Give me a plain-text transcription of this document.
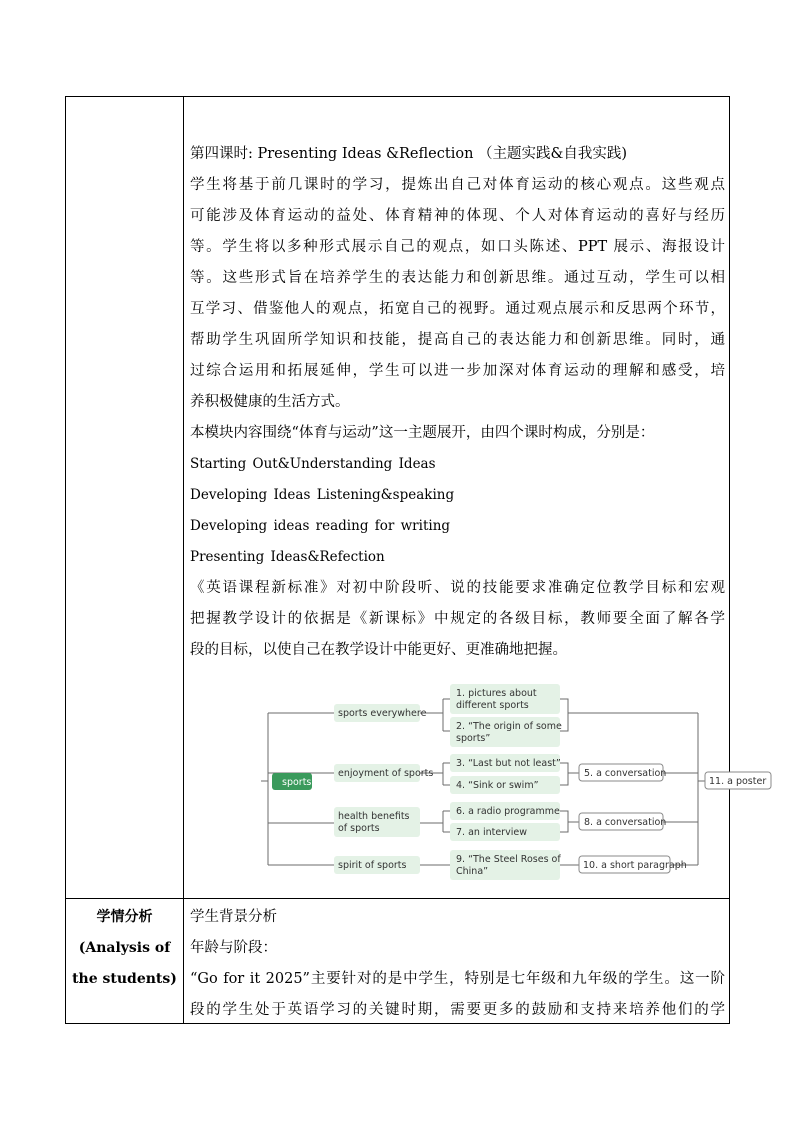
第四课时: Presenting Ideas &Reflection （主题实践&自我实践)
学生将基于前几课时的学习，提炼出自己对体育运动的核心观点。这些观点
可能涉及体育运动的益处、体育精神的体现、个人对体育运动的喜好与经历
等。学生将以多种形式展示自己的观点，如口头陈述、PPT 展示、海报设计
等。这些形式旨在培养学生的表达能力和创新思维。通过互动，学生可以相
互学习、借鉴他人的观点，拓宽自己的视野。通过观点展示和反思两个环节，
帮助学生巩固所学知识和技能，提高自己的表达能力和创新思维。同时，通
过综合运用和拓展延伸，学生可以进一步加深对体育运动的理解和感受，培
养积极健康的生活方式。
本模块内容围绕“体育与运动”这一主题展开，由四个课时构成，分别是：
Starting Out&Understanding Ideas
Developing Ideas Listening&speaking
Developing ideas reading for writing
Presenting Ideas&Refection
《英语课程新标准》对初中阶段听、说的技能要求准确定位教学目标和宏观
把握教学设计的依据是《新课标》中规定的各级目标，教师要全面了解各学
段的目标，以使自己在教学设计中能更好、更准确地把握。
sports
sports everywhere
enjoyment of sports
health benefits
of sports
spirit of sports
1. pictures about
different sports
2. “The origin of some
sports”
3. “Last but not least”
4. “Sink or swim”
6. a radio programme
7. an interview
9. “The Steel Roses of
China”
5. a conversation
8. a conversation
10. a short paragraph
11. a poster
学情分析
(Analysis of
the students)
学生背景分析
年龄与阶段：
“Go for it 2025”主要针对的是中学生，特别是七年级和九年级的学生。这一阶
段的学生处于英语学习的关键时期，需要更多的鼓励和支持来培养他们的学
